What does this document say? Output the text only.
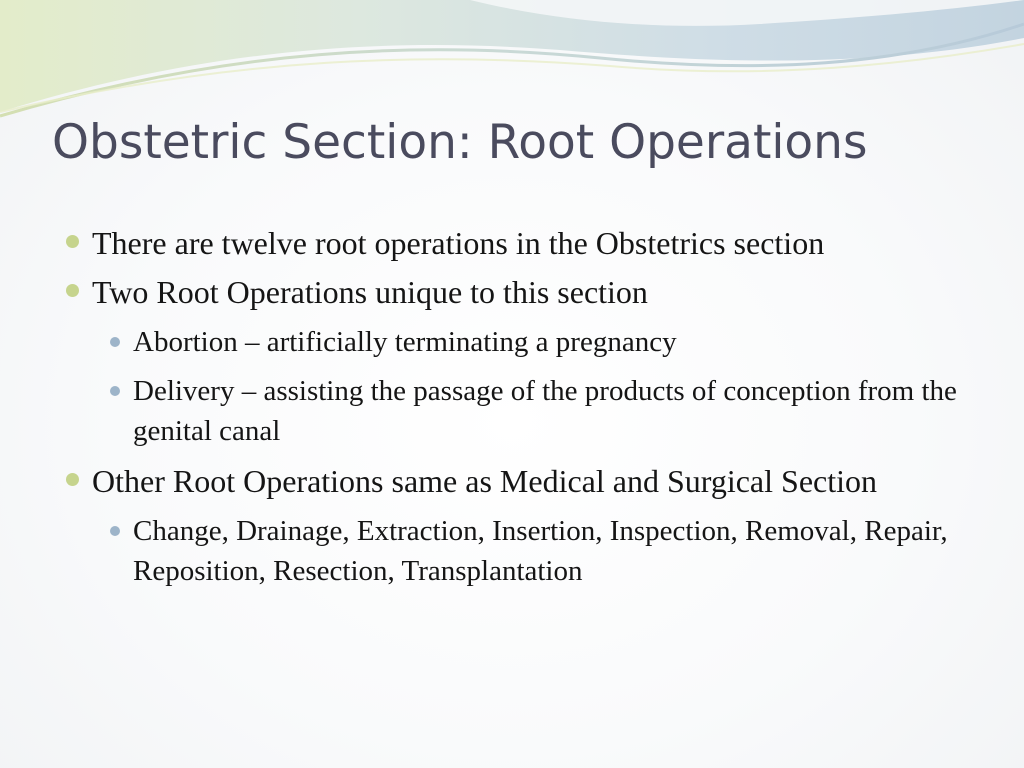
Obstetric Section: Root Operations
There are twelve root operations in the Obstetrics section
Two Root Operations unique to this section
Abortion – artificially terminating a pregnancy
Delivery – assisting the passage of the products of conception from the genital canal
Other Root Operations same as Medical and Surgical Section
Change, Drainage, Extraction, Insertion, Inspection, Removal, Repair, Reposition, Resection, Transplantation
